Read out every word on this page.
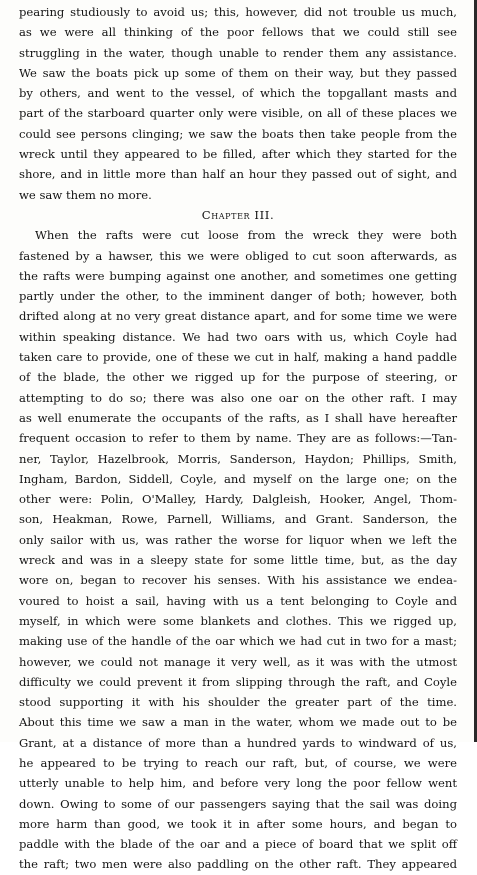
pearing studiously to avoid us; this, however, did not trouble us much,
as we were all thinking of the poor fellows that we could still see
struggling in the water, though unable to render them any assistance.
We saw the boats pick up some of them on their way, but they passed
by others, and went to the vessel, of which the topgallant masts and
part of the starboard quarter only were visible, on all of these places we
could see persons clinging; we saw the boats then take people from the
wreck until they appeared to be filled, after which they started for the
shore, and in little more than half an hour they passed out of sight, and
we saw them no more.
Chapter III.
When the rafts were cut loose from the wreck they were both
fastened by a hawser, this we were obliged to cut soon afterwards, as
the rafts were bumping against one another, and sometimes one getting
partly under the other, to the imminent danger of both; however, both
drifted along at no very great distance apart, and for some time we were
within speaking distance. We had two oars with us, which Coyle had
taken care to provide, one of these we cut in half, making a hand paddle
of the blade, the other we rigged up for the purpose of steering, or
attempting to do so; there was also one oar on the other raft. I may
as well enumerate the occupants of the rafts, as I shall have hereafter
frequent occasion to refer to them by name. They are as follows:—Tan-
ner, Taylor, Hazelbrook, Morris, Sanderson, Haydon; Phillips, Smith,
Ingham, Bardon, Siddell, Coyle, and myself on the large one; on the
other were: Polin, O'Malley, Hardy, Dalgleish, Hooker, Angel, Thom-
son, Heakman, Rowe, Parnell, Williams, and Grant. Sanderson, the
only sailor with us, was rather the worse for liquor when we left the
wreck and was in a sleepy state for some little time, but, as the day
wore on, began to recover his senses. With his assistance we endea-
voured to hoist a sail, having with us a tent belonging to Coyle and
myself, in which were some blankets and clothes. This we rigged up,
making use of the handle of the oar which we had cut in two for a mast;
however, we could not manage it very well, as it was with the utmost
difficulty we could prevent it from slipping through the raft, and Coyle
stood supporting it with his shoulder the greater part of the time.
About this time we saw a man in the water, whom we made out to be
Grant, at a distance of more than a hundred yards to windward of us,
he appeared to be trying to reach our raft, but, of course, we were
utterly unable to help him, and before very long the poor fellow went
down. Owing to some of our passengers saying that the sail was doing
more harm than good, we took it in after some hours, and began to
paddle with the blade of the oar and a piece of board that we split off
the raft; two men were also paddling on the other raft. They appeared
